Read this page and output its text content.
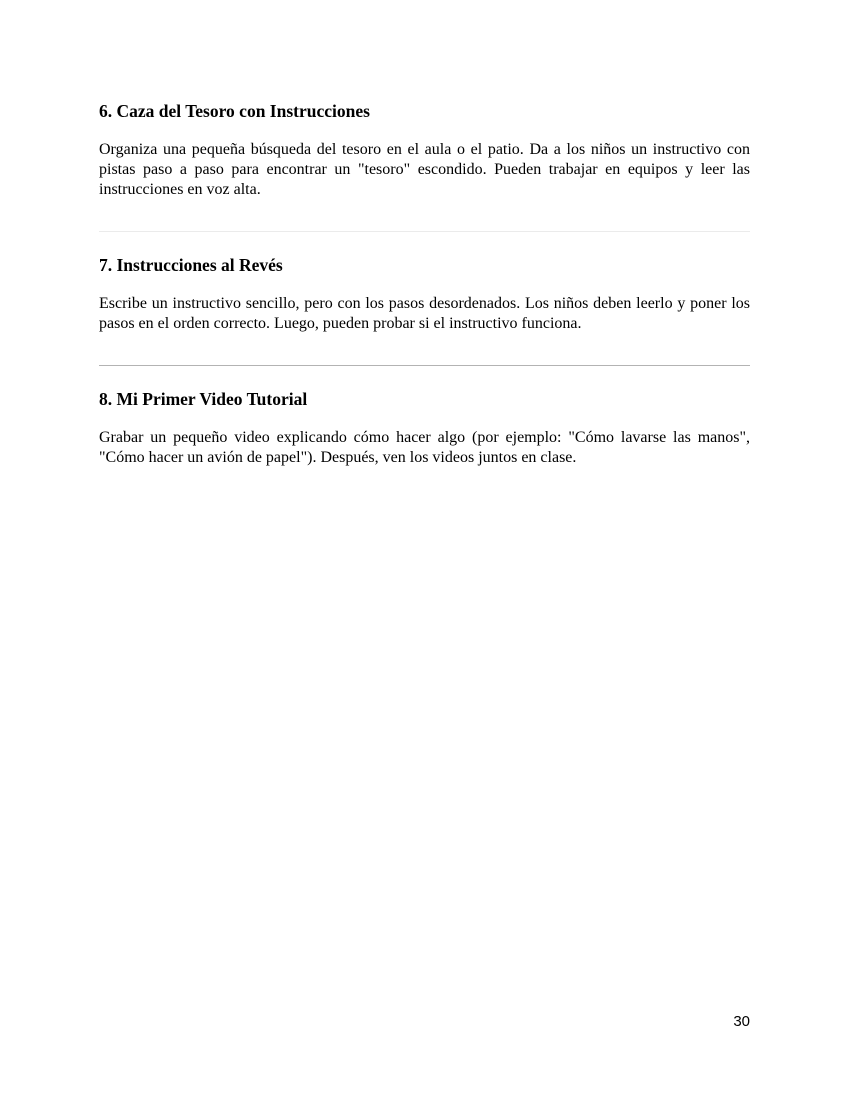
6. Caza del Tesoro con Instrucciones

Organiza una pequeña búsqueda del tesoro en el aula o el patio. Da a los niños un instructivo con pistas paso a paso para encontrar un "tesoro" escondido. Pueden trabajar en equipos y leer las instrucciones en voz alta.

7. Instrucciones al Revés

Escribe un instructivo sencillo, pero con los pasos desordenados. Los niños deben leerlo y poner los pasos en el orden correcto. Luego, pueden probar si el instructivo funciona.

8. Mi Primer Video Tutorial

Grabar un pequeño video explicando cómo hacer algo (por ejemplo: "Cómo lavarse las manos", "Cómo hacer un avión de papel"). Después, ven los videos juntos en clase.

30
